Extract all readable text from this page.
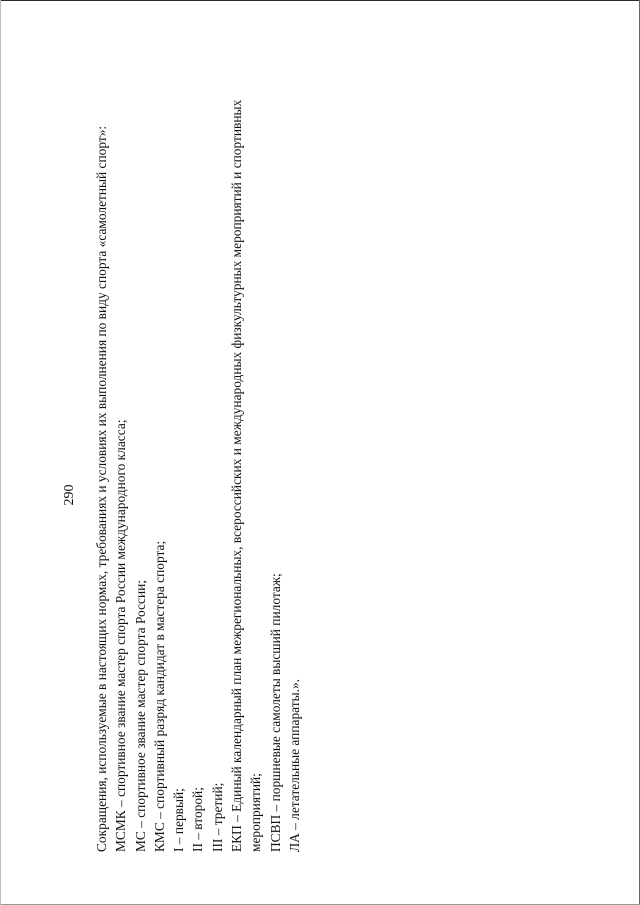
290 Сокращения, используемые в настоящих нормах, требованиях и условиях их выполнения по виду спорта «самолетный спорт»: МСМК – спортивное звание мастер спорта России международного класса; МС – спортивное звание мастер спорта России; КМС – спортивный разряд кандидат в мастера спорта; I – первый; II – второй; III – третий; ЕКП – Единый календарный план межрегиональных, всероссийских и международных физкультурных мероприятий и спортивных мероприятий; ПСВП – поршневые самолеты высший пилотаж; ЛА – летательные аппараты.».
